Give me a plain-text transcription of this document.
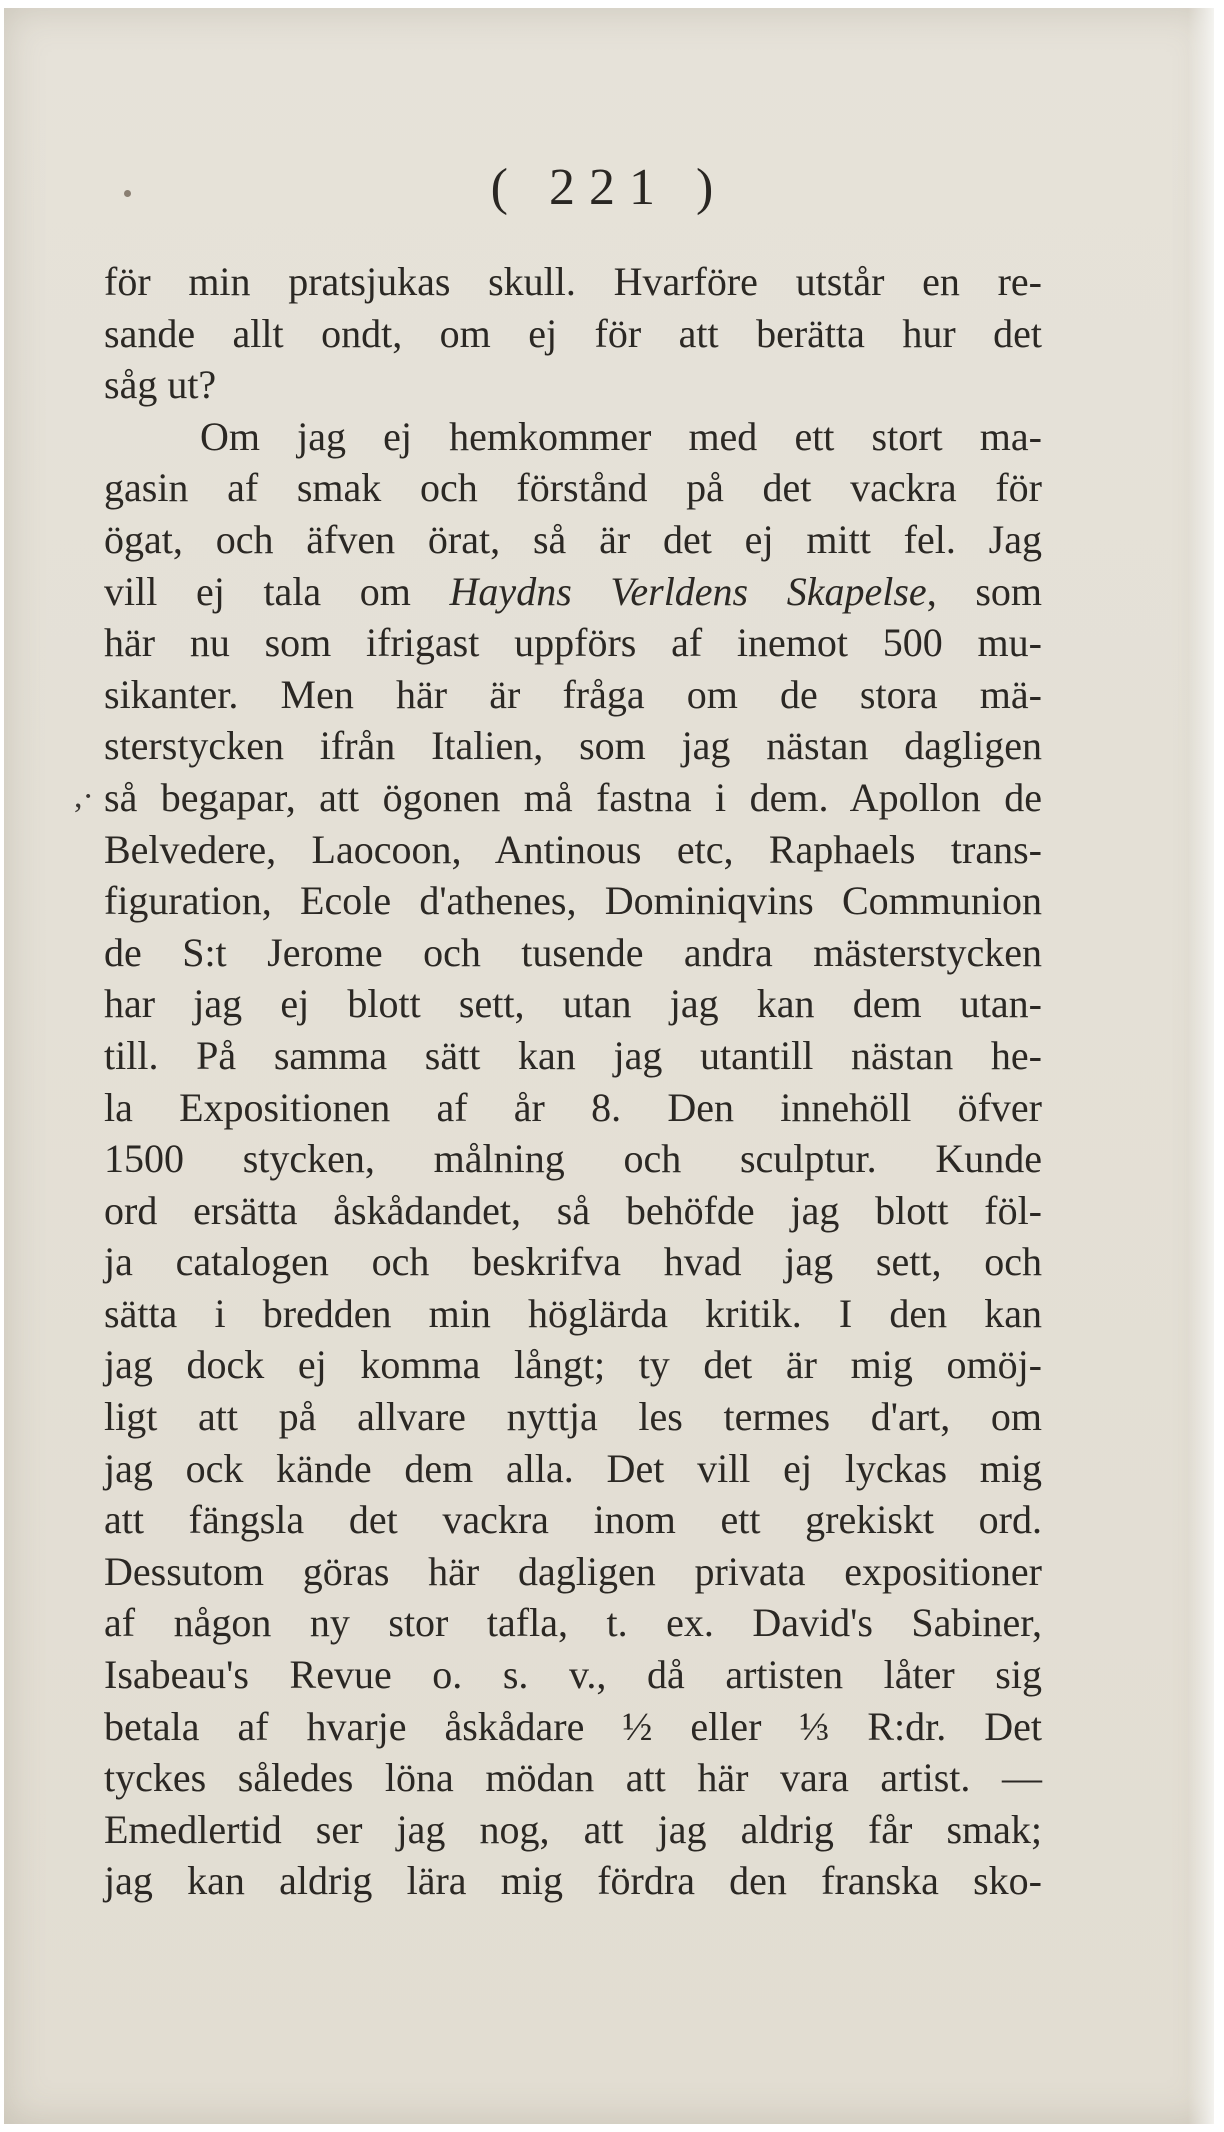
( 221 )
,·
för min pratsjukas skull. Hvarföre utstår en re-
sande allt ondt, om ej för att berätta hur det
såg ut?
Om jag ej hemkommer med ett stort ma-
gasin af smak och förstånd på det vackra för
ögat, och äfven örat, så är det ej mitt fel. Jag
vill ej tala om Haydns Verldens Skapelse, som
här nu som ifrigast uppförs af inemot 500 mu-
sikanter. Men här är fråga om de stora mä-
sterstycken ifrån Italien, som jag nästan dagligen
så begapar, att ögonen må fastna i dem. Apollon de
Belvedere, Laocoon, Antinous etc, Raphaels trans-
figuration, Ecole d'athenes, Dominiqvins Communion
de S:t Jerome och tusende andra mästerstycken
har jag ej blott sett, utan jag kan dem utan-
till. På samma sätt kan jag utantill nästan he-
la Expositionen af år 8. Den innehöll öfver
1500 stycken, målning och sculptur. Kunde
ord ersätta åskådandet, så behöfde jag blott föl-
ja catalogen och beskrifva hvad jag sett, och
sätta i bredden min höglärda kritik. I den kan
jag dock ej komma långt; ty det är mig omöj-
ligt att på allvare nyttja les termes d'art, om
jag ock kände dem alla. Det vill ej lyckas mig
att fängsla det vackra inom ett grekiskt ord.
Dessutom göras här dagligen privata expositioner
af någon ny stor tafla, t. ex. David's Sabiner,
Isabeau's Revue o. s. v., då artisten låter sig
betala af hvarje åskådare ½ eller ⅓ R:dr. Det
tyckes således löna mödan att här vara artist. —
Emedlertid ser jag nog, att jag aldrig får smak;
jag kan aldrig lära mig fördra den franska sko-
